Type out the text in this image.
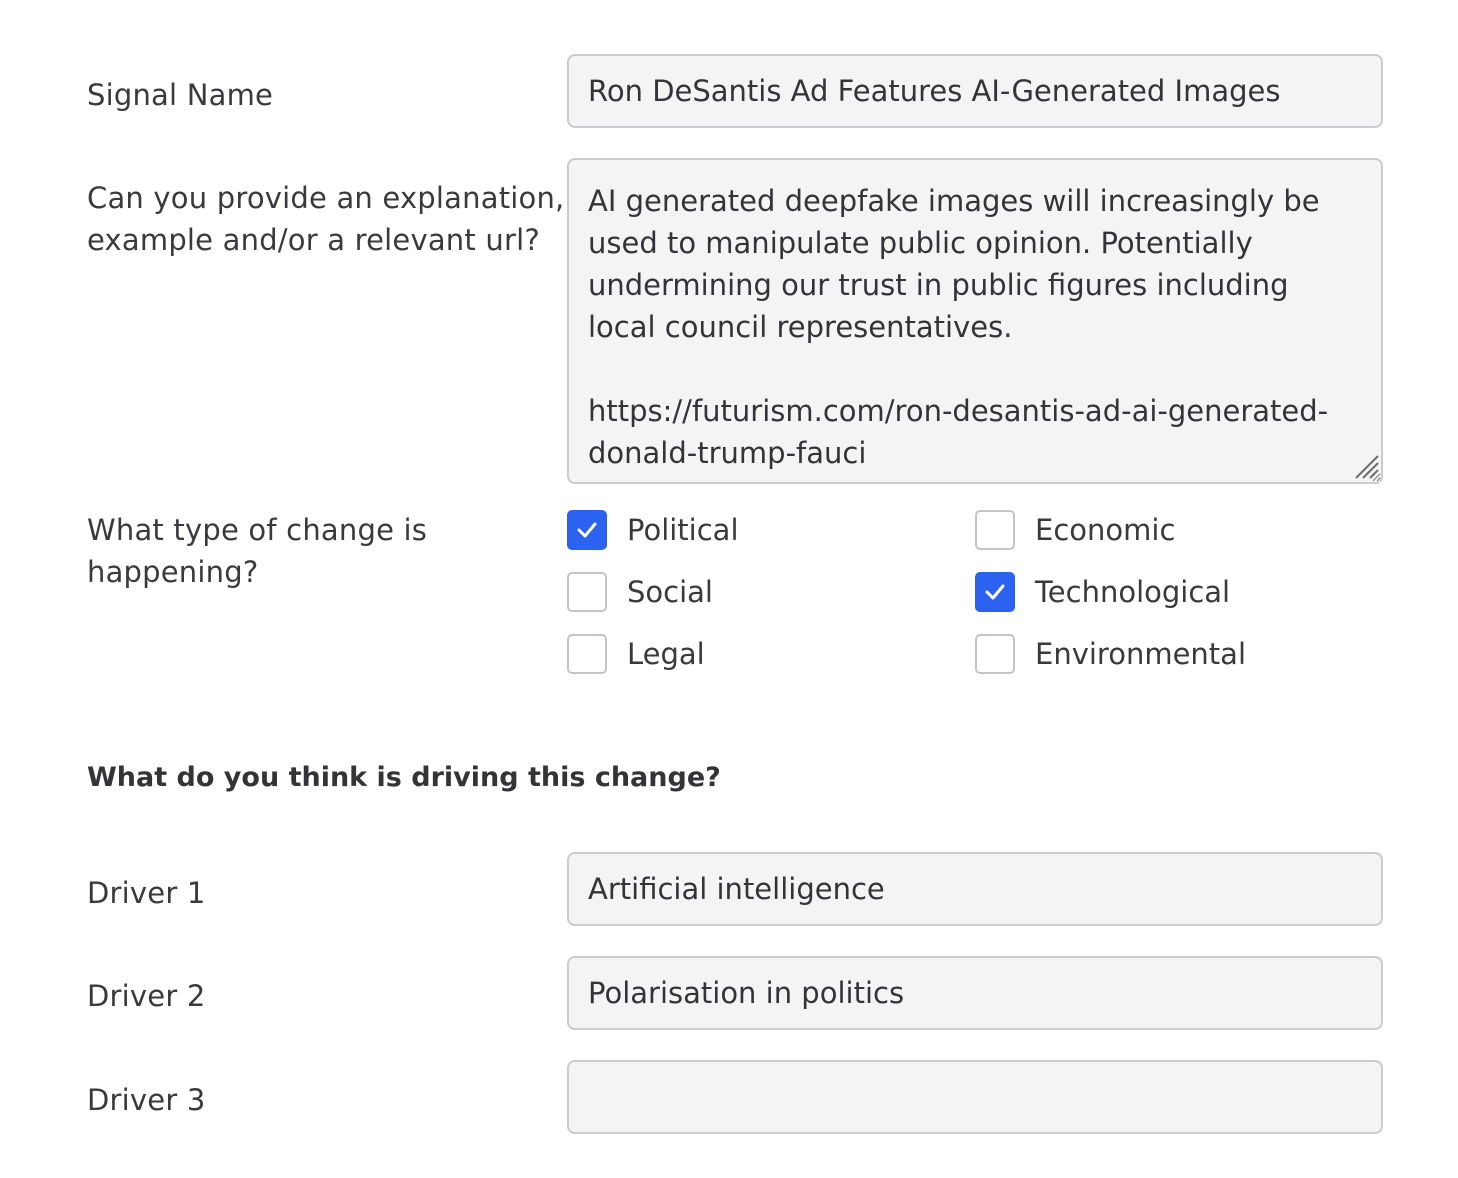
Signal Name
Ron DeSantis Ad Features AI-Generated Images
Can you provide an explanation,
example and/or a relevant url?
AI generated deepfake images will increasingly be used to manipulate public opinion. Potentially undermining our trust in public figures including local council representatives. https://futurism.com/ron-desantis-ad-ai-generated-donald-trump-fauci
What type of change is
happening?
Political	Economic
Social	Technological
Legal	Environmental
What do you think is driving this change?
Driver 1
Artificial intelligence
Driver 2
Polarisation in politics
Driver 3
